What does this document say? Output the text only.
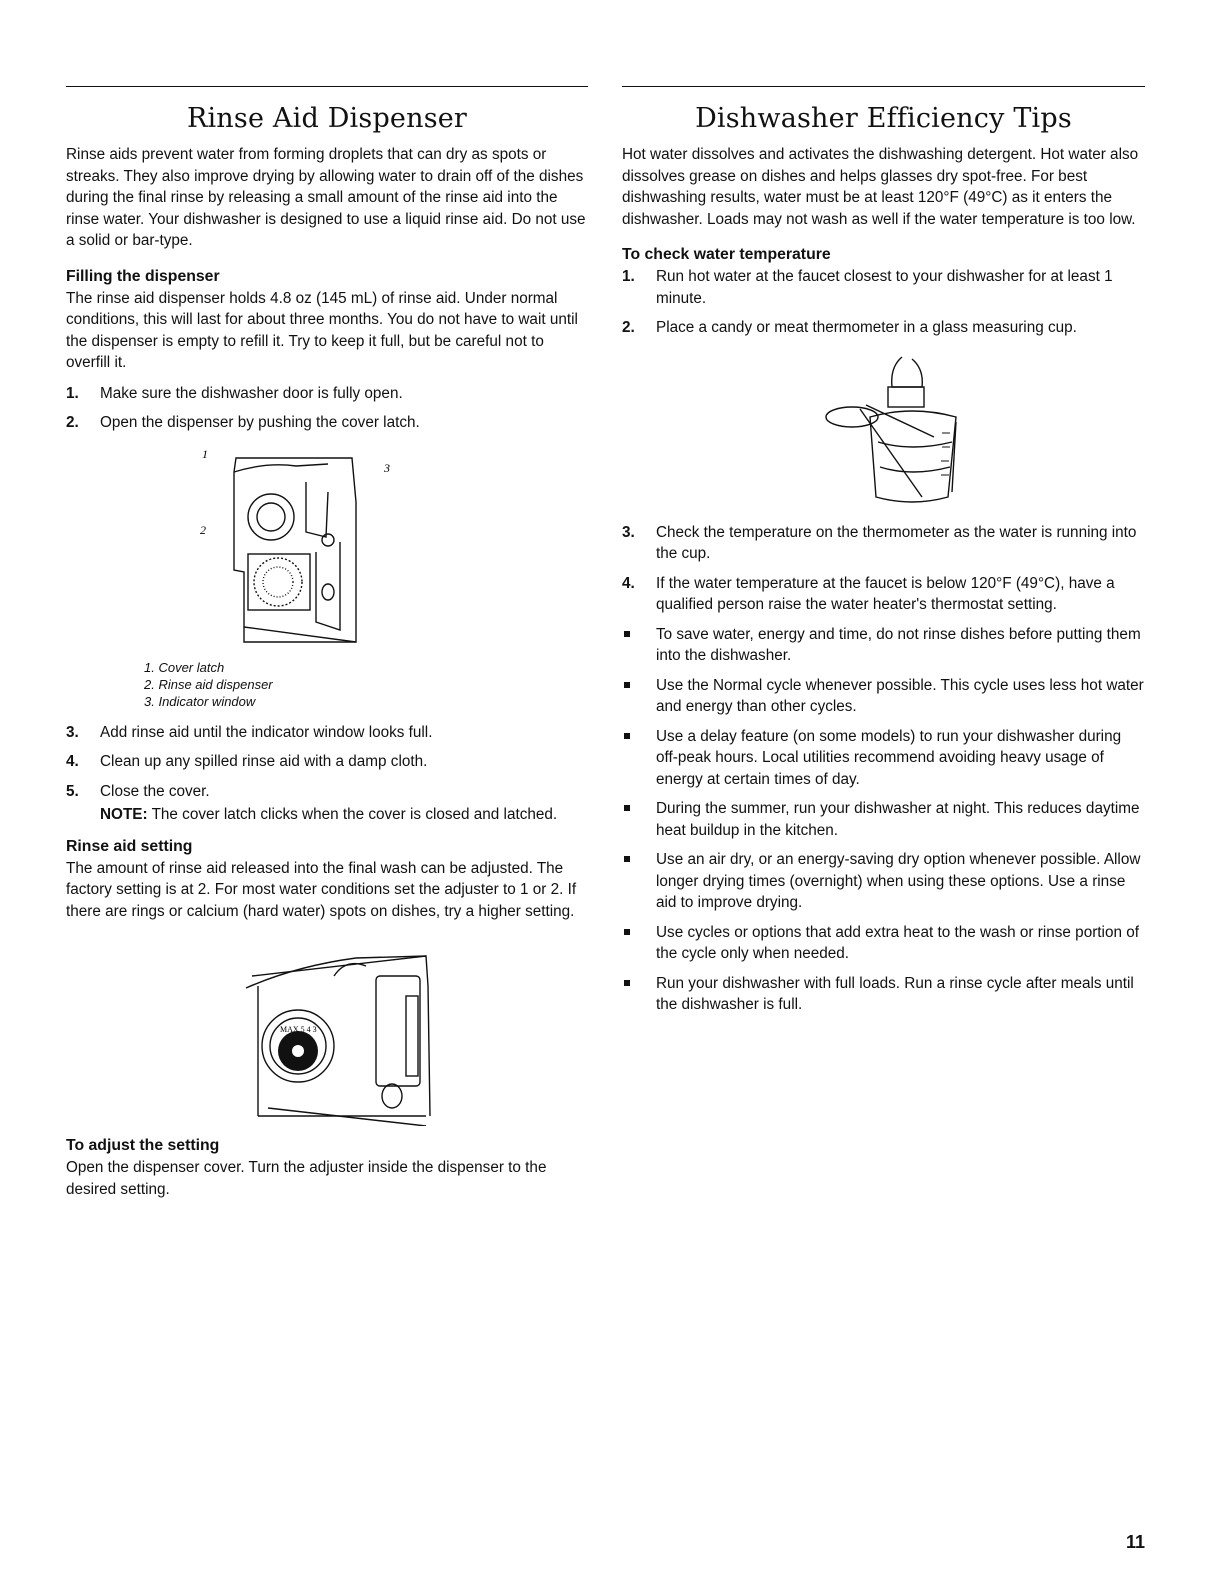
Rinse Aid Dispenser

Rinse aids prevent water from forming droplets that can dry as spots or streaks. They also improve drying by allowing water to drain off of the dishes during the final rinse by releasing a small amount of the rinse aid into the rinse water. Your dishwasher is designed to use a liquid rinse aid. Do not use a solid or bar-type.

Filling the dispenser

The rinse aid dispenser holds 4.8 oz (145 mL) of rinse aid. Under normal conditions, this will last for about three months. You do not have to wait until the dispenser is empty to refill it. Try to keep it full, but be careful not to overfill it.

1. Make sure the dishwasher door is fully open.
2. Open the dispenser by pushing the cover latch.
1
2
3
1. Cover latch
2. Rinse aid dispenser
3. Indicator window
3. Add rinse aid until the indicator window looks full.
4. Clean up any spilled rinse aid with a damp cloth.
5. Close the cover.
NOTE: The cover latch clicks when the cover is closed and latched.
Rinse aid setting

The amount of rinse aid released into the final wash can be adjusted. The factory setting is at 2. For most water conditions set the adjuster to 1 or 2. If there are rings or calcium (hard water) spots on dishes, try a higher setting.

MAX 5 4 3
To adjust the setting

Open the dispenser cover. Turn the adjuster inside the dispenser to the desired setting.

Dishwasher Efficiency Tips

Hot water dissolves and activates the dishwashing detergent. Hot water also dissolves grease on dishes and helps glasses dry spot-free. For best dishwashing results, water must be at least 120°F (49°C) as it enters the dishwasher. Loads may not wash as well if the water temperature is too low.

To check water temperature
1. Run hot water at the faucet closest to your dishwasher for at least 1 minute.
2. Place a candy or meat thermometer in a glass measuring cup.
3. Check the temperature on the thermometer as the water is running into the cup.
4. If the water temperature at the faucet is below 120°F (49°C), have a qualified person raise the water heater's thermostat setting.
To save water, energy and time, do not rinse dishes before putting them into the dishwasher.
Use the Normal cycle whenever possible. This cycle uses less hot water and energy than other cycles.
Use a delay feature (on some models) to run your dishwasher during off-peak hours. Local utilities recommend avoiding heavy usage of energy at certain times of day.
During the summer, run your dishwasher at night. This reduces daytime heat buildup in the kitchen.
Use an air dry, or an energy-saving dry option whenever possible. Allow longer drying times (overnight) when using these options. Use a rinse aid to improve drying.
Use cycles or options that add extra heat to the wash or rinse portion of the cycle only when needed.
Run your dishwasher with full loads. Run a rinse cycle after meals until the dishwasher is full.
11
